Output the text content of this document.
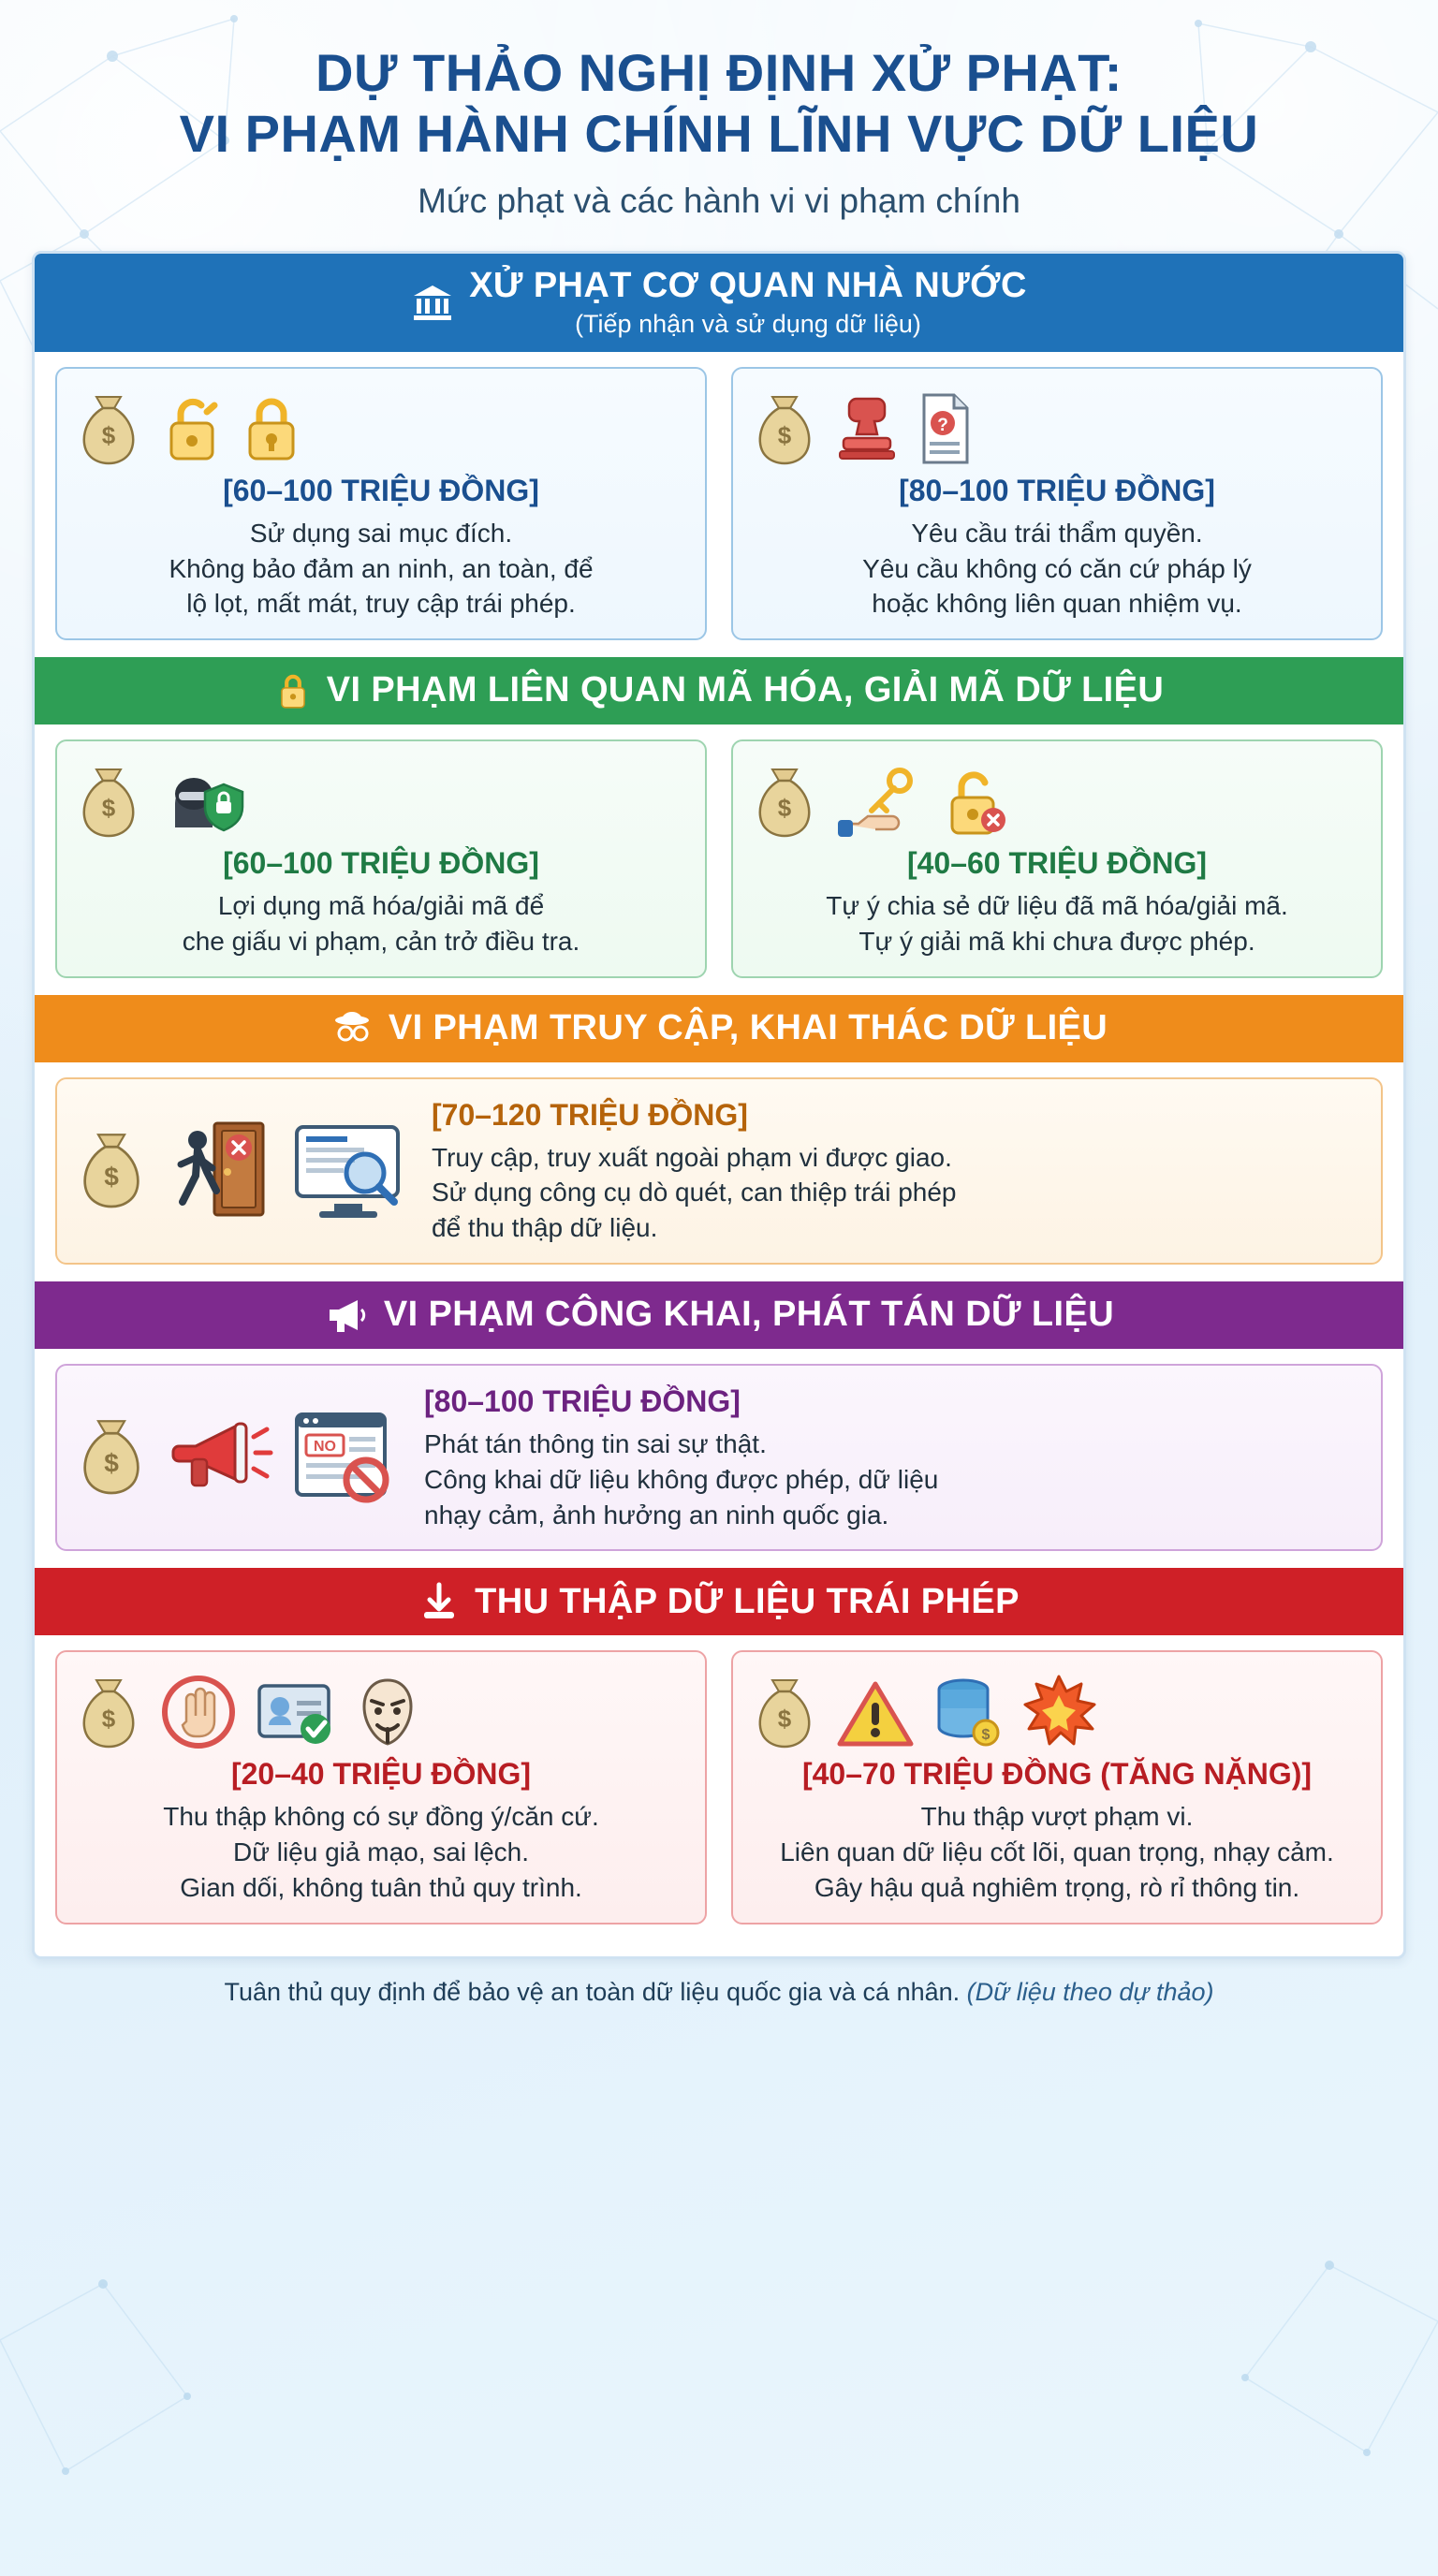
DỰ THẢO NGHỊ ĐỊNH XỬ PHẠT:
VI PHẠM HÀNH CHÍNH LĨNH VỰC DỮ LIỆU
Mức phạt và các hành vi vi phạm chính
XỬ PHẠT CƠ QUAN NHÀ NƯỚC
(Tiếp nhận và sử dụng dữ liệu)
$
[60–100 TRIỆU ĐỒNG]
Sử dụng sai mục đích.
Không bảo đảm an ninh, an toàn, để
lộ lọt, mất mát, truy cập trái phép.
$	?
[80–100 TRIỆU ĐỒNG]
Yêu cầu trái thẩm quyền.
Yêu cầu không có căn cứ pháp lý
hoặc không liên quan nhiệm vụ.
VI PHẠM LIÊN QUAN MÃ HÓA, GIẢI MÃ DỮ LIỆU
$
[60–100 TRIỆU ĐỒNG]
Lợi dụng mã hóa/giải mã để
che giấu vi phạm, cản trở điều tra.
$
[40–60 TRIỆU ĐỒNG]
Tự ý chia sẻ dữ liệu đã mã hóa/giải mã.
Tự ý giải mã khi chưa được phép.
VI PHẠM TRUY CẬP, KHAI THÁC DỮ LIỆU
$
[70–120 TRIỆU ĐỒNG]
Truy cập, truy xuất ngoài phạm vi được giao.
Sử dụng công cụ dò quét, can thiệp trái phép
để thu thập dữ liệu.
VI PHẠM CÔNG KHAI, PHÁT TÁN DỮ LIỆU
$
NO
[80–100 TRIỆU ĐỒNG]
Phát tán thông tin sai sự thật.
Công khai dữ liệu không được phép, dữ liệu
nhạy cảm, ảnh hưởng an ninh quốc gia.
THU THẬP DỮ LIỆU TRÁI PHÉP
$
[20–40 TRIỆU ĐỒNG]
Thu thập không có sự đồng ý/căn cứ.
Dữ liệu giả mạo, sai lệch.
Gian dối, không tuân thủ quy trình.
$
$
[40–70 TRIỆU ĐỒNG (TĂNG NẶNG)]
Thu thập vượt phạm vi.
Liên quan dữ liệu cốt lõi, quan trọng, nhạy cảm.
Gây hậu quả nghiêm trọng, rò rỉ thông tin.
Tuân thủ quy định để bảo vệ an toàn dữ liệu quốc gia và cá nhân. (Dữ liệu theo dự thảo)
